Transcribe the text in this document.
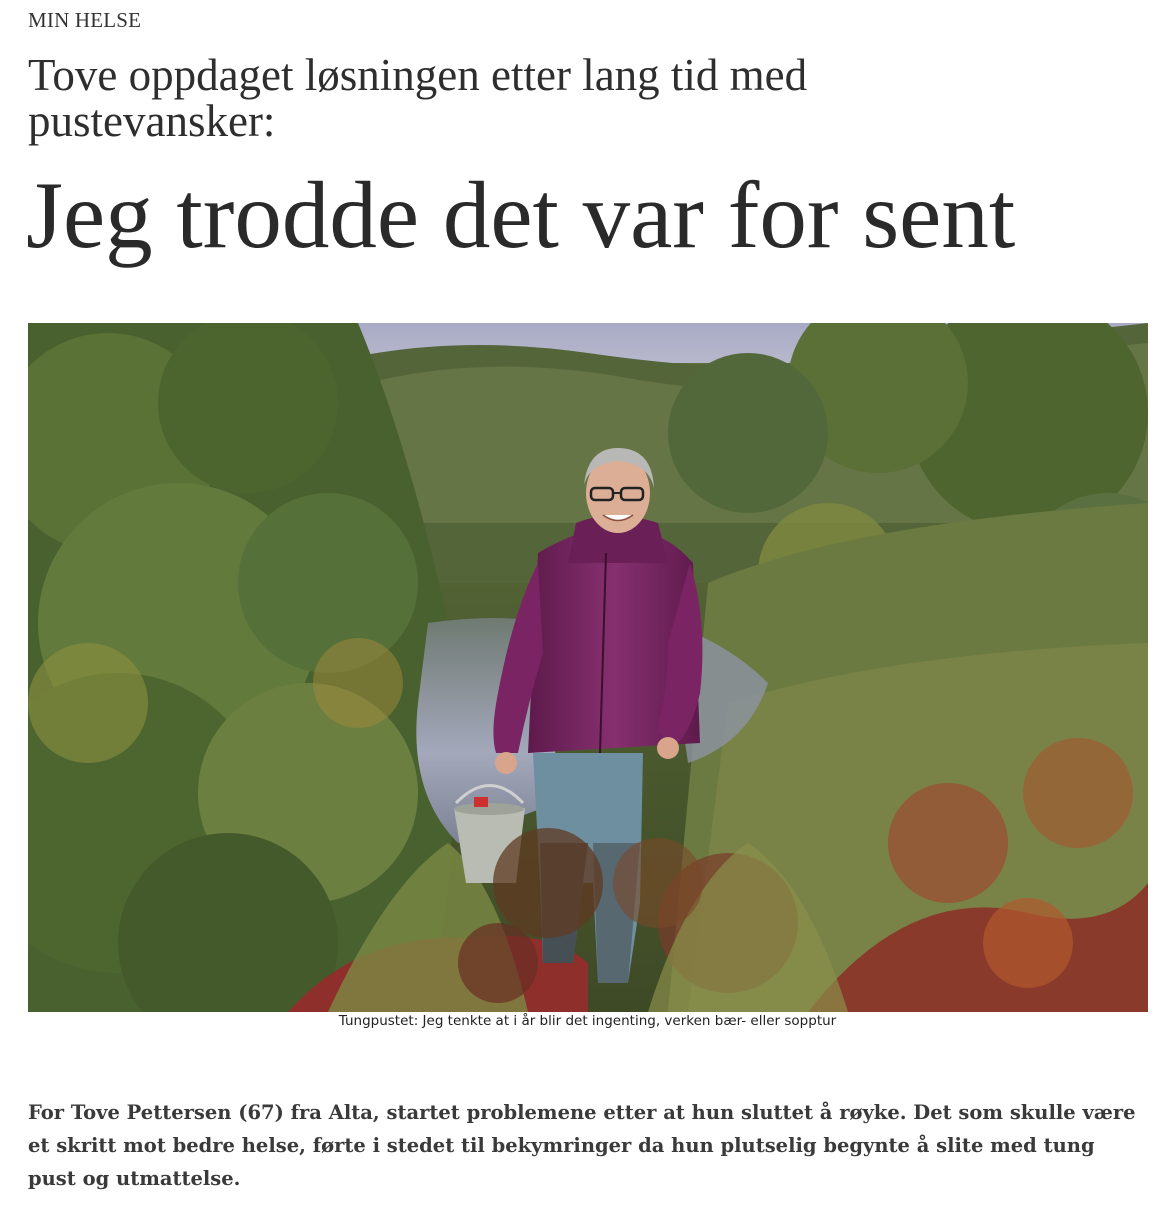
MIN HELSE
Tove oppdaget løsningen etter lang tid med pustevansker:
Jeg trodde det var for sent
Tungpustet: Jeg tenkte at i år blir det ingenting, verken bær- eller sopptur

For Tove Pettersen (67) fra Alta, startet problemene etter at hun sluttet å røyke. Det som skulle være et skritt mot bedre helse, førte i stedet til bekymringer da hun plutselig begynte å slite med tung pust og utmattelse.
